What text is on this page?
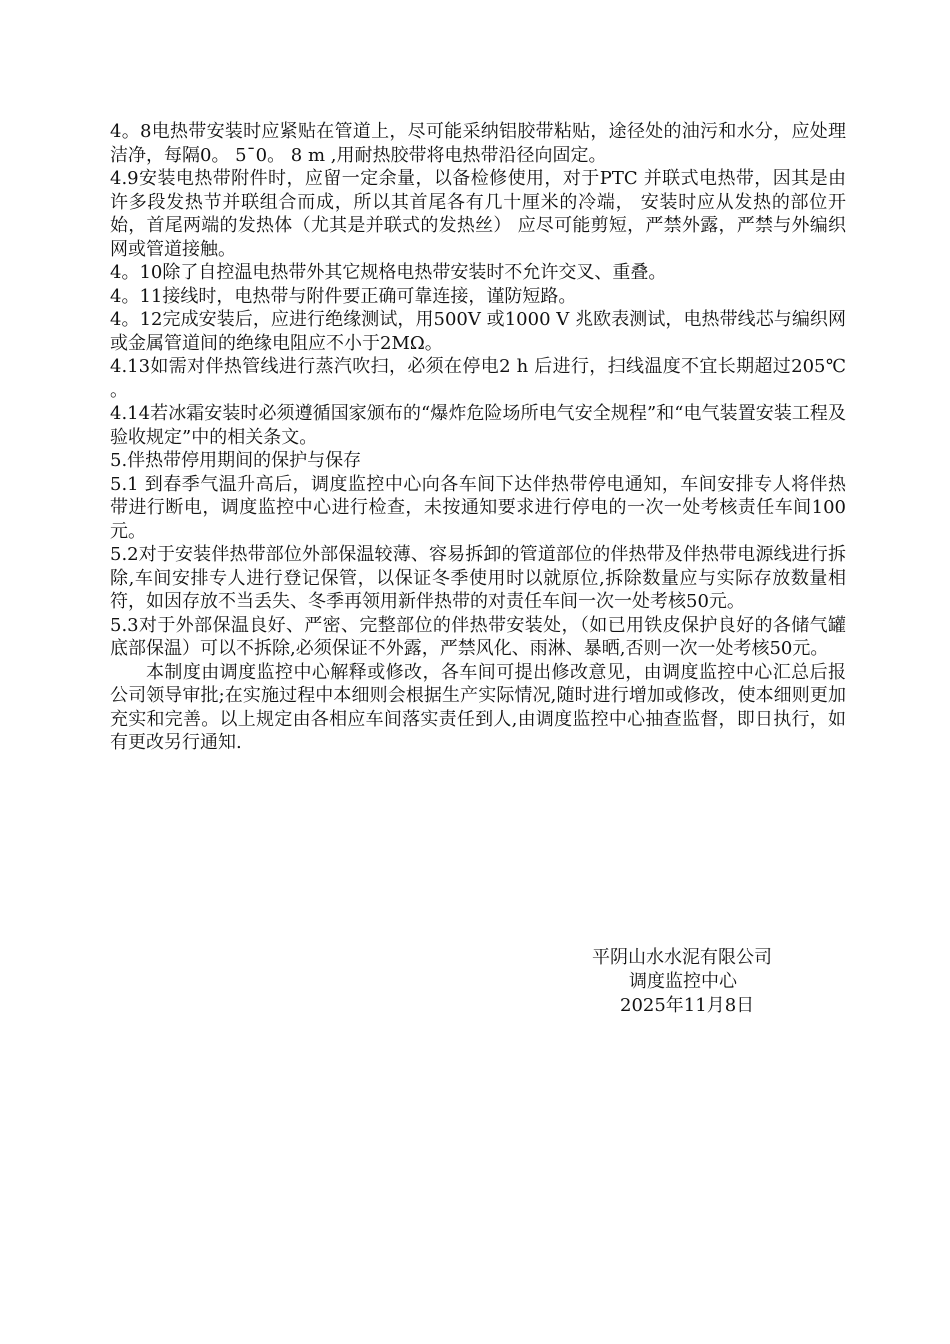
4。8电热带安装时应紧贴在管道上，尽可能采纳铝胶带粘贴，途径处的油污和水分，应处理洁净，每隔0。 5¯0。 8 m ,用耐热胶带将电热带沿径向固定。

4.9安装电热带附件时，应留一定余量，以备检修使用，对于PTC 并联式电热带，因其是由许多段发热节并联组合而成，所以其首尾各有几十厘米的冷端， 安装时应从发热的部位开始，首尾两端的发热体（尤其是并联式的发热丝） 应尽可能剪短，严禁外露，严禁与外编织网或管道接触。

4。10除了自控温电热带外其它规格电热带安装时不允许交叉、重叠。

4。11接线时，电热带与附件要正确可靠连接，谨防短路。

4。12完成安装后，应进行绝缘测试，用500V 或1000 V 兆欧表测试，电热带线芯与编织网或金属管道间的绝缘电阻应不小于2MΩ。

4.13如需对伴热管线进行蒸汽吹扫，必须在停电2 h 后进行，扫线温度不宜长期超过205℃ 。

4.14若冰霜安装时必须遵循国家颁布的“爆炸危险场所电气安全规程”和“电气装置安装工程及验收规定”中的相关条文。

5.伴热带停用期间的保护与保存

5.1 到春季气温升高后，调度监控中心向各车间下达伴热带停电通知，车间安排专人将伴热带进行断电，调度监控中心进行检查，未按通知要求进行停电的一次一处考核责任车间100元。

5.2对于安装伴热带部位外部保温较薄、容易拆卸的管道部位的伴热带及伴热带电源线进行拆除,车间安排专人进行登记保管，以保证冬季使用时以就原位,拆除数量应与实际存放数量相符，如因存放不当丢失、冬季再领用新伴热带的对责任车间一次一处考核50元。

5.3对于外部保温良好、严密、完整部位的伴热带安装处，（如已用铁皮保护良好的各储气罐底部保温）可以不拆除,必须保证不外露，严禁风化、雨淋、暴晒,否则一次一处考核50元。

本制度由调度监控中心解释或修改，各车间可提出修改意见，由调度监控中心汇总后报公司领导审批;在实施过程中本细则会根据生产实际情况,随时进行增加或修改，使本细则更加充实和完善。以上规定由各相应车间落实责任到人,由调度监控中心抽查监督，即日执行，如有更改另行通知.

平阴山水水泥有限公司

调度监控中心

2025年11月8日
